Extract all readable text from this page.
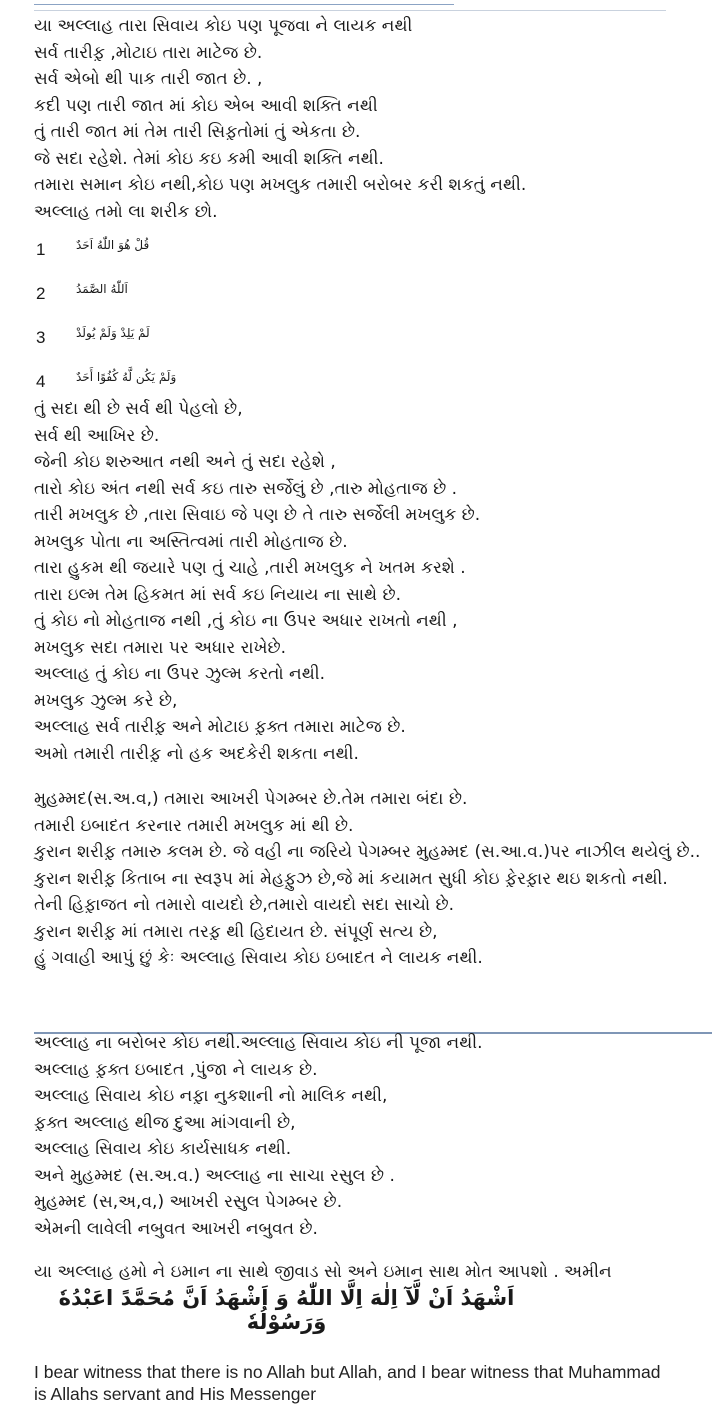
યા અલ્લાહ તારા સિવાય કોઇ પણ પૂજવા ને લાયક નથી
સર્વ તારીફ઼ ,મોટાઇ તારા માટેજ છે.
સર્વ એબો થી પાક તારી જાત છે. ,
કદી પણ તારી જાત માં કોઇ એબ આવી શક્તિ નથી
તું તારી જાત માં તેમ તારી સિફ઼તોમાં તું એકતા છે.
જે સદા રહેશે. તેમાં કોઇ કઇ કમી આવી શક્તિ નથી.
તમારા સમાન કોઇ નથી,કોઇ પણ મખલુક તમારી બરોબર કરી શકતું નથી.
અલ્લાહ તમો લા શરીક છો.
1	قُلْ هُوَ اللّٰهُ اَحَدٌ
2	اَللّٰهُ الصَّمَدُ
3	لَمْ يَلِدْ وَلَمْ يُولَدْ
4	وَلَمْ يَكُن لَّهُ كُفُوًا أَحَدٌ
તું સદા થી છે સર્વ થી પેહલો છે,
સર્વ થી આખિર છે.
જેની કોઇ શરુઆત નથી અને તું સદા રહેશે ,
તારો કોઇ અંત નથી સર્વ કઇ તારુ સર્જેલું છે ,તારુ મોહતાજ છે .
તારી મખલુક છે ,તારા સિવાઇ જે પણ છે તે તારુ સર્જેલી મખલુક છે.
મખલુક પોતા ના અસ્તિત્વમાં તારી મોહતાજ છે.
તારા હુકમ થી જયારે પણ તું ચાહે ,તારી મખલુક ને ખતમ કરશે .
તારા ઇલ્મ તેમ હિકમત માં સર્વ કઇ નિયાય ના સાથે છે.
તું કોઇ નો મોહતાજ નથી ,તું કોઇ ના ઉપર અધાર રાખતો નથી ,
મખલુક સદા તમારા પર અધાર રાખેછે.
અલ્લાહ તું કોઇ ના ઉપર ઝુલ્મ કરતો નથી.
મખલુક ઝુલ્મ કરે છે,
અલ્લાહ સર્વ તારીફ઼ અને મોટાઇ ફ઼ક્ત તમારા માટેજ છે.
અમો તમારી તારીફ઼ નો હક અદકેરી શકતા નથી.
મુહમ્મદ(સ.અ.વ,) તમારા આખરી પેગમ્બર છે.તેમ તમારા બંદા છે.
તમારી ઇબાદત કરનાર તમારી મખલુક માં થી છે.
કુરાન શરીફ઼ તમારુ કલમ છે. જે વહી ના જરિયે પેગમ્બર મુહમ્મદ (સ.આ.વ.)પર નાઝીલ થયેલું છે..
કુરાન શરીફ઼ કિતાબ ના સ્વરૂપ માં મેહફ઼ુઝ છે,જે માં કયામત સુધી કોઇ ફ઼ેરફ઼ાર થઇ શકતો નથી.
તેની હિફ઼ાજત નો તમારો વાયદો છે,તમારો વાયદો સદા સાચો છે.
કુરાન શરીફ઼ માં તમારા તરફ઼ થી હિદાયત છે. સંપૂર્ણ સત્ય છે,
હું ગવાહી આપું છું કેઃ અલ્લાહ સિવાય કોઇ ઇબાદત ને લાયક નથી.
અલ્લાહ ના બરોબર કોઇ નથી.અલ્લાહ સિવાય કોઇ ની પૂજા નથી.
અલ્લાહ ફ઼ક્ત ઇબાદત ,પુંજા ને લાયક છે.
અલ્લાહ સિવાય કોઇ નફ઼ા નુકશાની નો માલિક નથી,
ફ઼ક્ત અલ્લાહ થીજ દુઆ માંગવાની છે,
અલ્લાહ સિવાય કોઇ કાર્યસાધક નથી.
અને મુહમ્મદ (સ.અ.વ.) અલ્લાહ ના સાચા રસુલ છે .
મુહમ્મદ (સ,અ,વ,) આખરી રસુલ પેગમ્બર છે.
એમની લાવેલી નબુવત આખરી નબુવત છે.
યા અલ્લાહ હમો ને ઇમાન ના સાથે જીવાડ સો અને ઇમાન સાથ મોત આપશો . અમીન
اَشْهَدُ اَنْ لَّآ اِلٰهَ اِلَّا اللّٰهُ وَ اَشْهَدُ اَنَّ مُحَمَّدً اعَبْدُهٗ وَرَسُوْلُهٗ
I bear witness that there is no Allah but Allah, and I bear witness that Muhammad is Allahs servant and His Messenger
